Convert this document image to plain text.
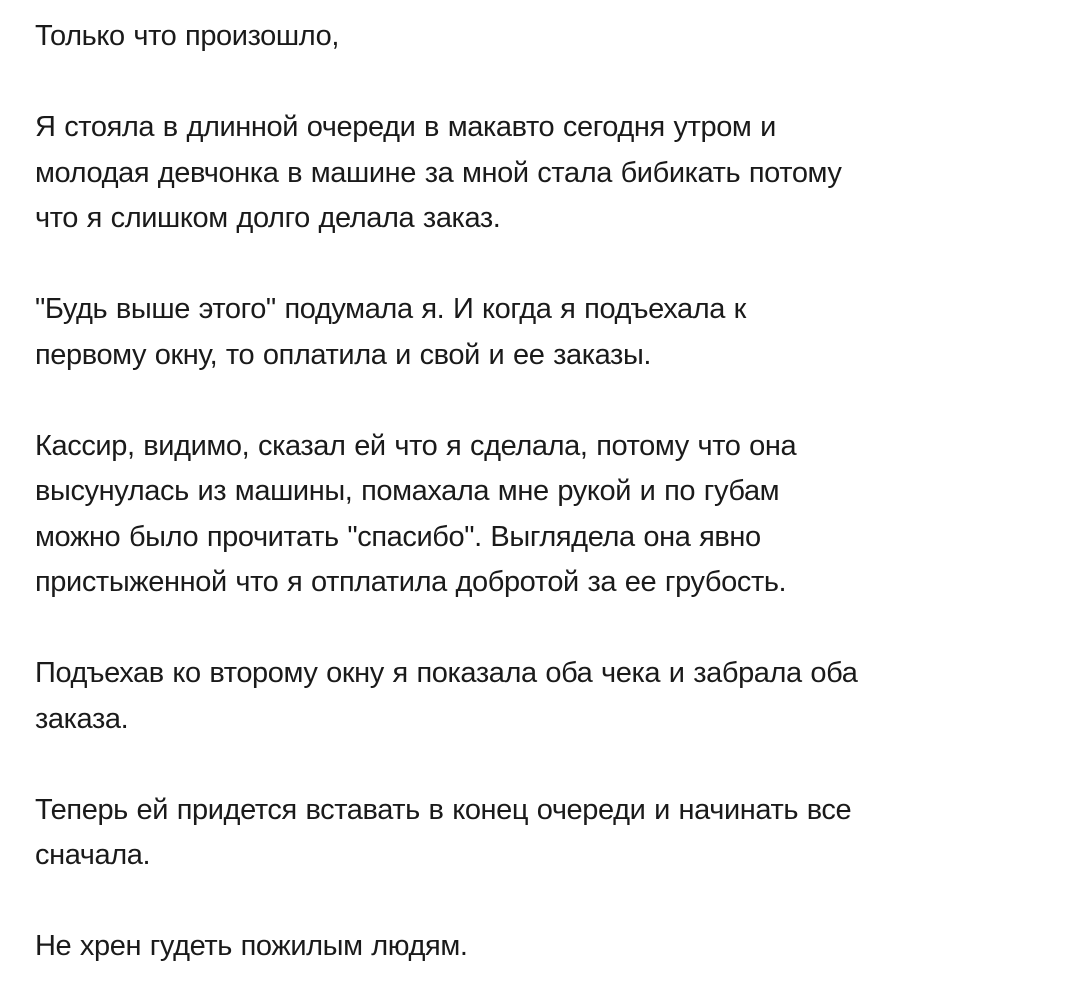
Только что произошло,

Я стояла в длинной очереди в макавто сегодня утром и
молодая девчонка в машине за мной стала бибикать потому
что я слишком долго делала заказ.

"Будь выше этого" подумала я. И когда я подъехала к
первому окну, то оплатила и свой и ее заказы.

Кассир, видимо, сказал ей что я сделала, потому что она
высунулась из машины, помахала мне рукой и по губам
можно было прочитать "спасибо". Выглядела она явно
пристыженной что я отплатила добротой за ее грубость.

Подъехав ко второму окну я показала оба чека и забрала оба
заказа.

Теперь ей придется вставать в конец очереди и начинать все
сначала.

Не хрен гудеть пожилым людям.
